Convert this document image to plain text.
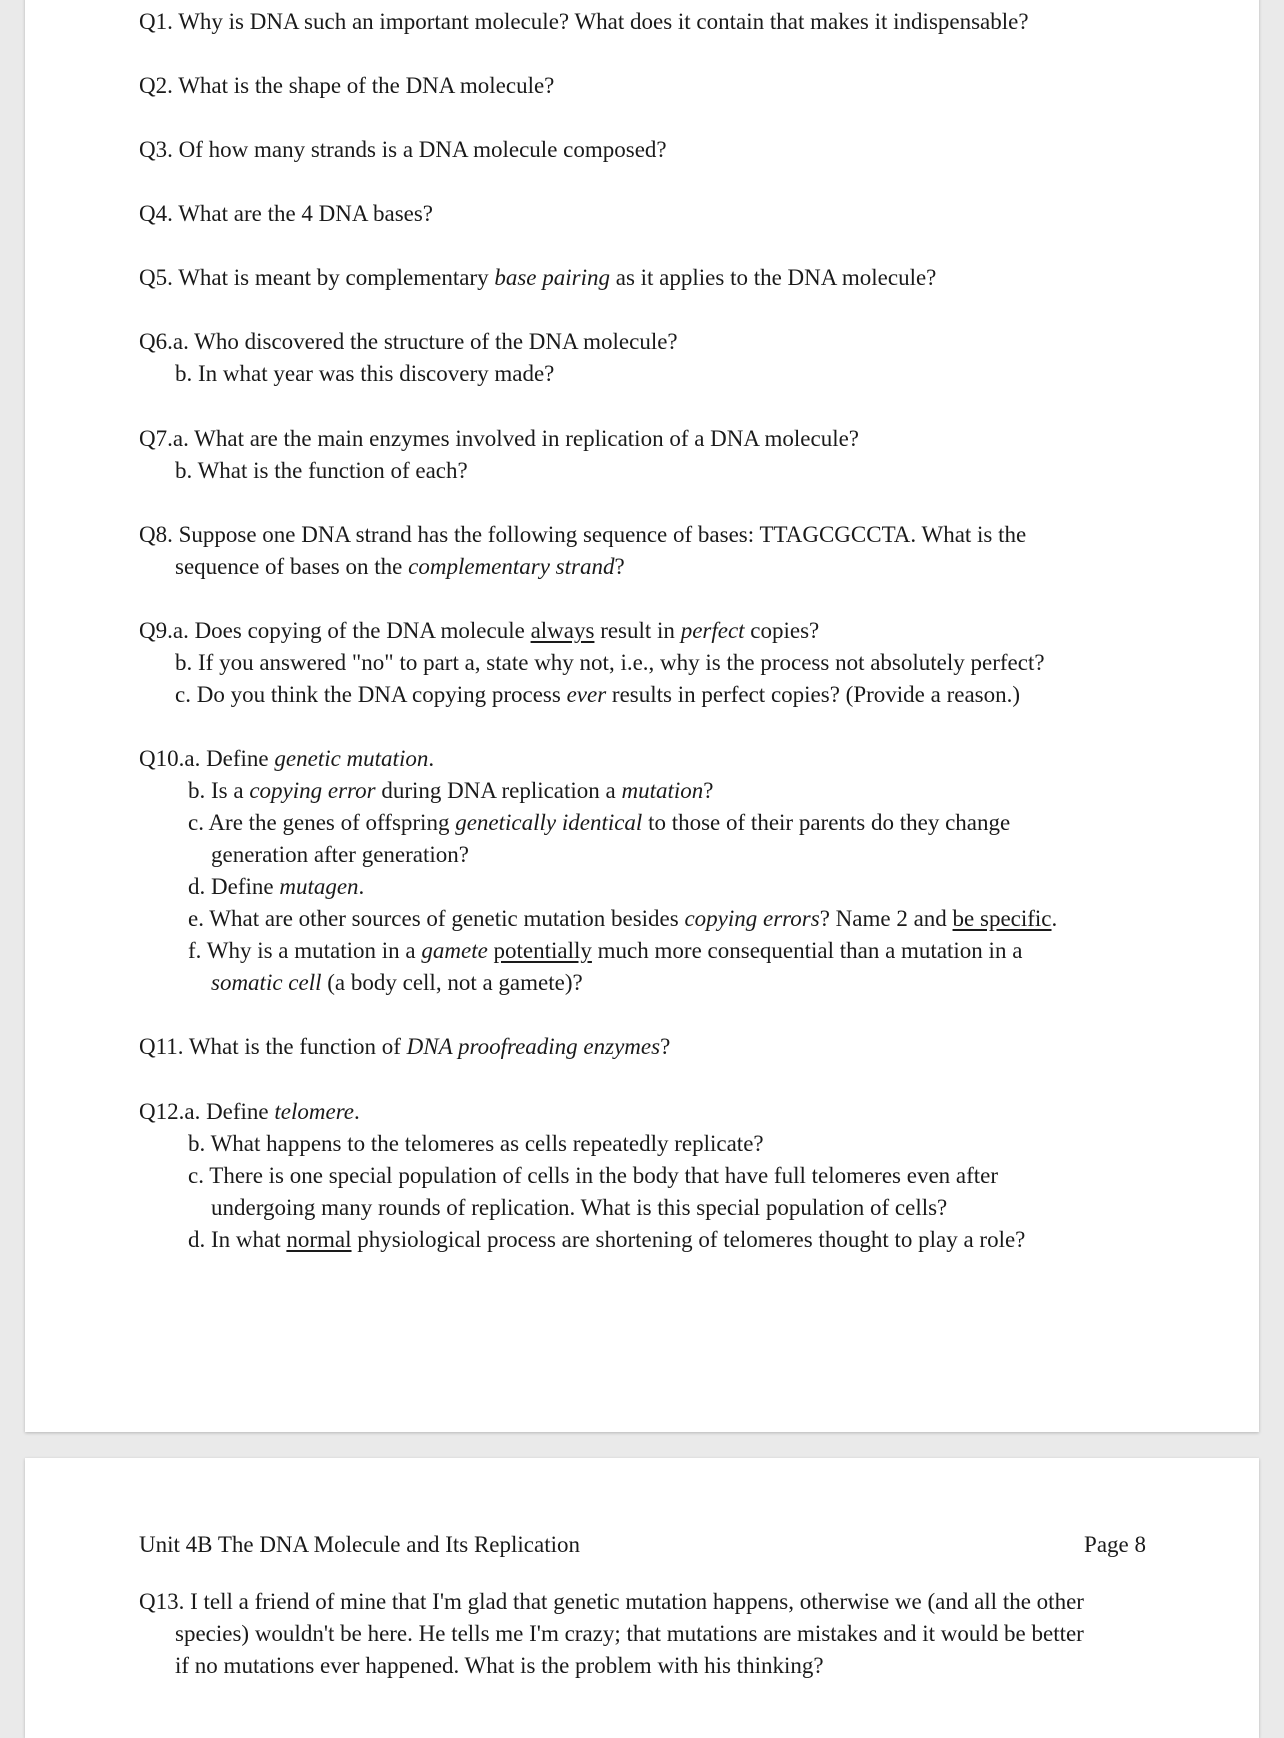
Q1. Why is DNA such an important molecule? What does it contain that makes it indispensable?
Q2. What is the shape of the DNA molecule?
Q3. Of how many strands is a DNA molecule composed?
Q4. What are the 4 DNA bases?
Q5. What is meant by complementary base pairing as it applies to the DNA molecule?
Q6.a. Who discovered the structure of the DNA molecule?
b. In what year was this discovery made?
Q7.a. What are the main enzymes involved in replication of a DNA molecule?
b. What is the function of each?
Q8. Suppose one DNA strand has the following sequence of bases: TTAGCGCCTA. What is the
sequence of bases on the complementary strand?
Q9.a. Does copying of the DNA molecule always result in perfect copies?
b. If you answered "no" to part a, state why not, i.e., why is the process not absolutely perfect?
c. Do you think the DNA copying process ever results in perfect copies? (Provide a reason.)
Q10.a. Define genetic mutation.
b. Is a copying error during DNA replication a mutation?
c. Are the genes of offspring genetically identical to those of their parents do they change
generation after generation?
d. Define mutagen.
e. What are other sources of genetic mutation besides copying errors? Name 2 and be specific.
f. Why is a mutation in a gamete potentially much more consequential than a mutation in a
somatic cell (a body cell, not a gamete)?
Q11. What is the function of DNA proofreading enzymes?
Q12.a. Define telomere.
b. What happens to the telomeres as cells repeatedly replicate?
c. There is one special population of cells in the body that have full telomeres even after
undergoing many rounds of replication. What is this special population of cells?
d. In what normal physiological process are shortening of telomeres thought to play a role?
Unit 4B The DNA Molecule and Its Replication	Page 8
Q13. I tell a friend of mine that I'm glad that genetic mutation happens, otherwise we (and all the other
species) wouldn't be here. He tells me I'm crazy; that mutations are mistakes and it would be better
if no mutations ever happened. What is the problem with his thinking?
